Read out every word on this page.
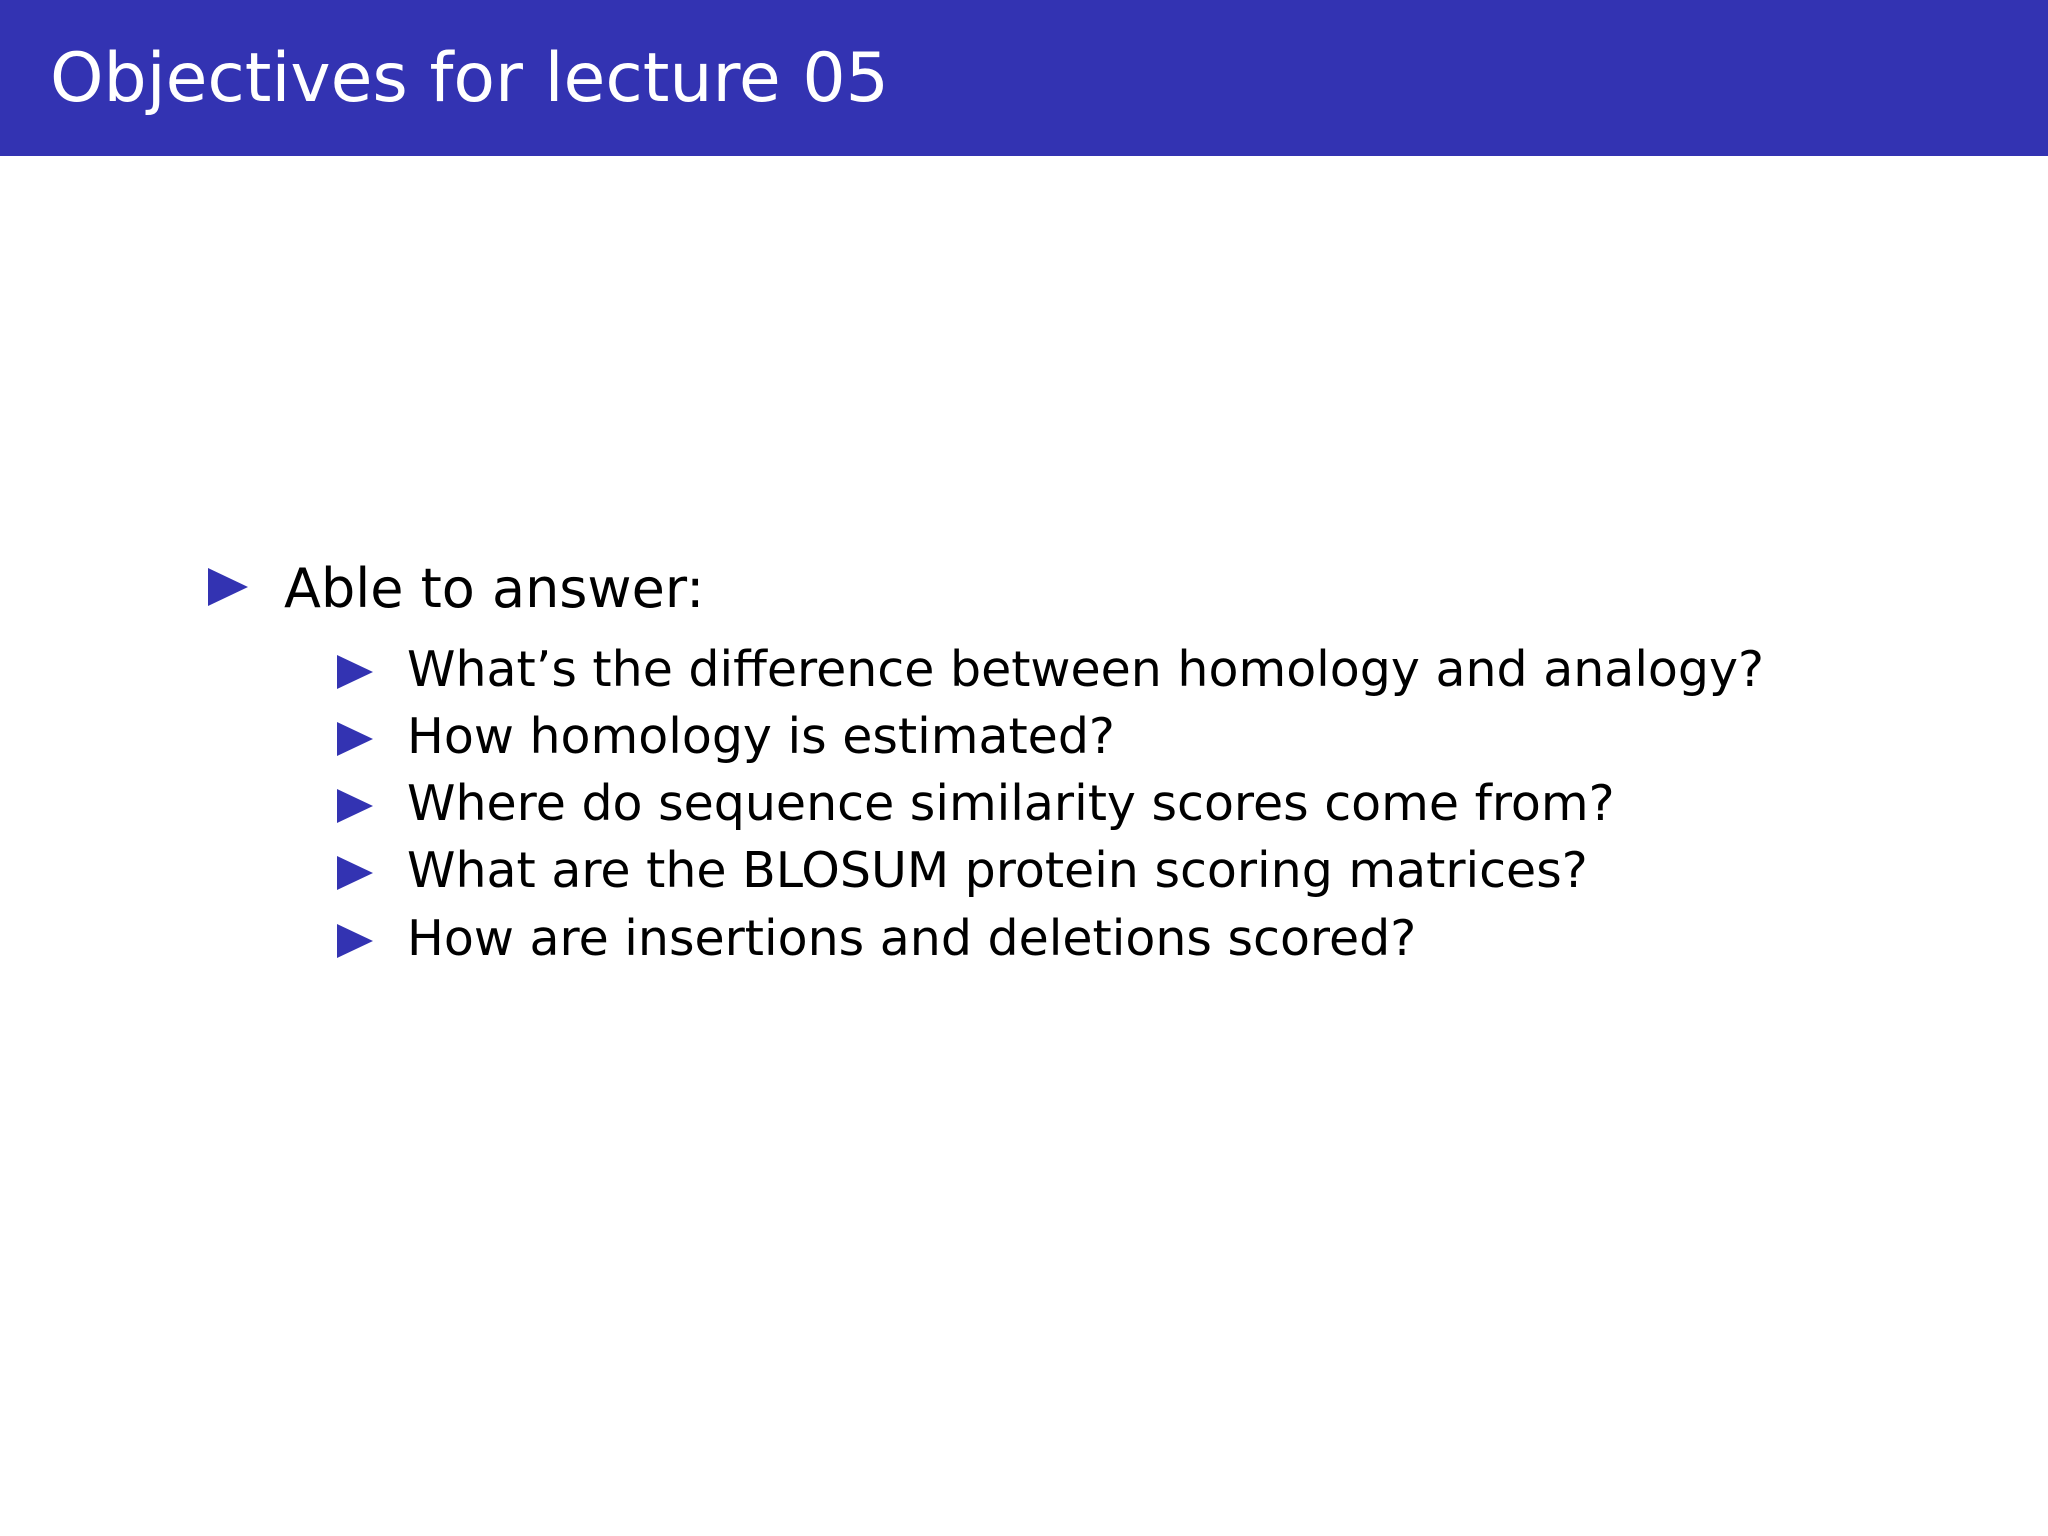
Objectives for lecture 05
Able to answer:
What’s the difference between homology and analogy?
How homology is estimated?
Where do sequence similarity scores come from?
What are the BLOSUM protein scoring matrices?
How are insertions and deletions scored?
